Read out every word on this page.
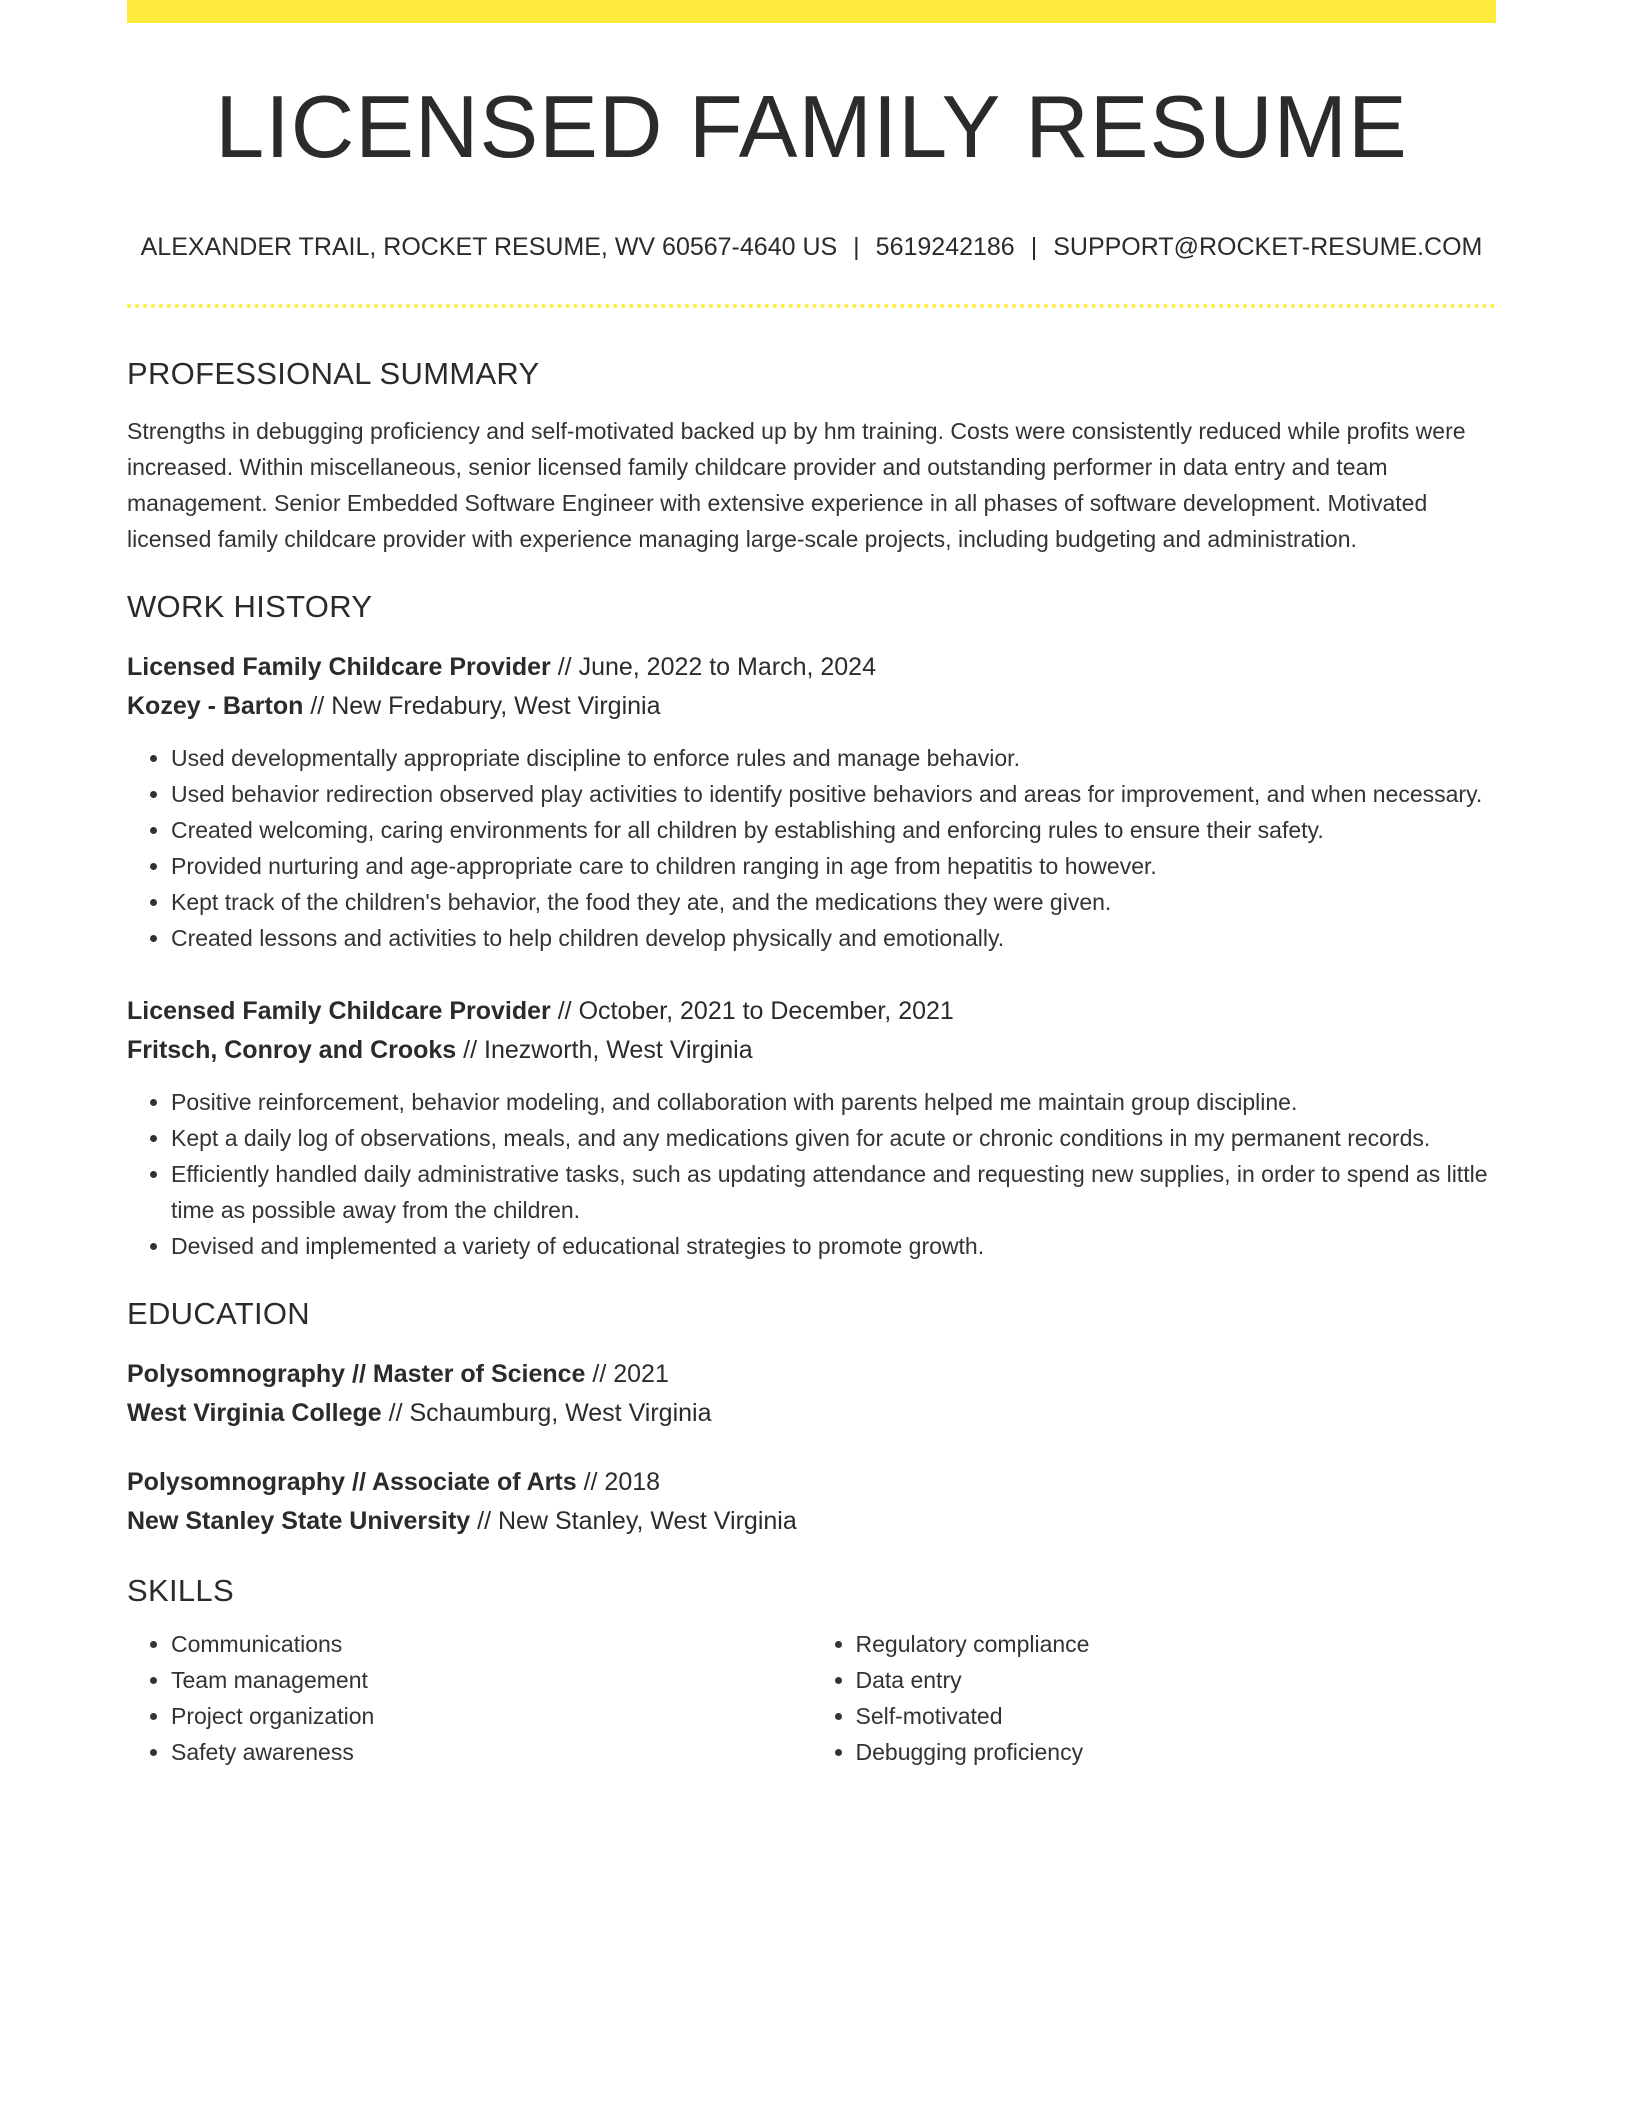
LICENSED FAMILY RESUME
ALEXANDER TRAIL, ROCKET RESUME, WV 60567-4640 US | 5619242186 | SUPPORT@ROCKET-RESUME.COM
PROFESSIONAL SUMMARY

Strengths in debugging proficiency and self-motivated backed up by hm training. Costs were consistently reduced while profits were increased. Within miscellaneous, senior licensed family childcare provider and outstanding performer in data entry and team management. Senior Embedded Software Engineer with extensive experience in all phases of software development. Motivated licensed family childcare provider with experience managing large-scale projects, including budgeting and administration.

WORK HISTORY
Licensed Family Childcare Provider // June, 2022 to March, 2024
Kozey - Barton // New Fredabury, West Virginia
• Used developmentally appropriate discipline to enforce rules and manage behavior.
• Used behavior redirection observed play activities to identify positive behaviors and areas for improvement, and when necessary.
• Created welcoming, caring environments for all children by establishing and enforcing rules to ensure their safety.
• Provided nurturing and age-appropriate care to children ranging in age from hepatitis to however.
• Kept track of the children's behavior, the food they ate, and the medications they were given.
• Created lessons and activities to help children develop physically and emotionally.
Licensed Family Childcare Provider // October, 2021 to December, 2021
Fritsch, Conroy and Crooks // Inezworth, West Virginia
• Positive reinforcement, behavior modeling, and collaboration with parents helped me maintain group discipline.
• Kept a daily log of observations, meals, and any medications given for acute or chronic conditions in my permanent records.
• Efficiently handled daily administrative tasks, such as updating attendance and requesting new supplies, in order to spend as little time as possible away from the children.
• Devised and implemented a variety of educational strategies to promote growth.
EDUCATION
Polysomnography // Master of Science // 2021
West Virginia College // Schaumburg, West Virginia
Polysomnography // Associate of Arts // 2018
New Stanley State University // New Stanley, West Virginia
SKILLS
• Communications
• Team management
• Project organization
• Safety awareness
• Regulatory compliance
• Data entry
• Self-motivated
• Debugging proficiency
